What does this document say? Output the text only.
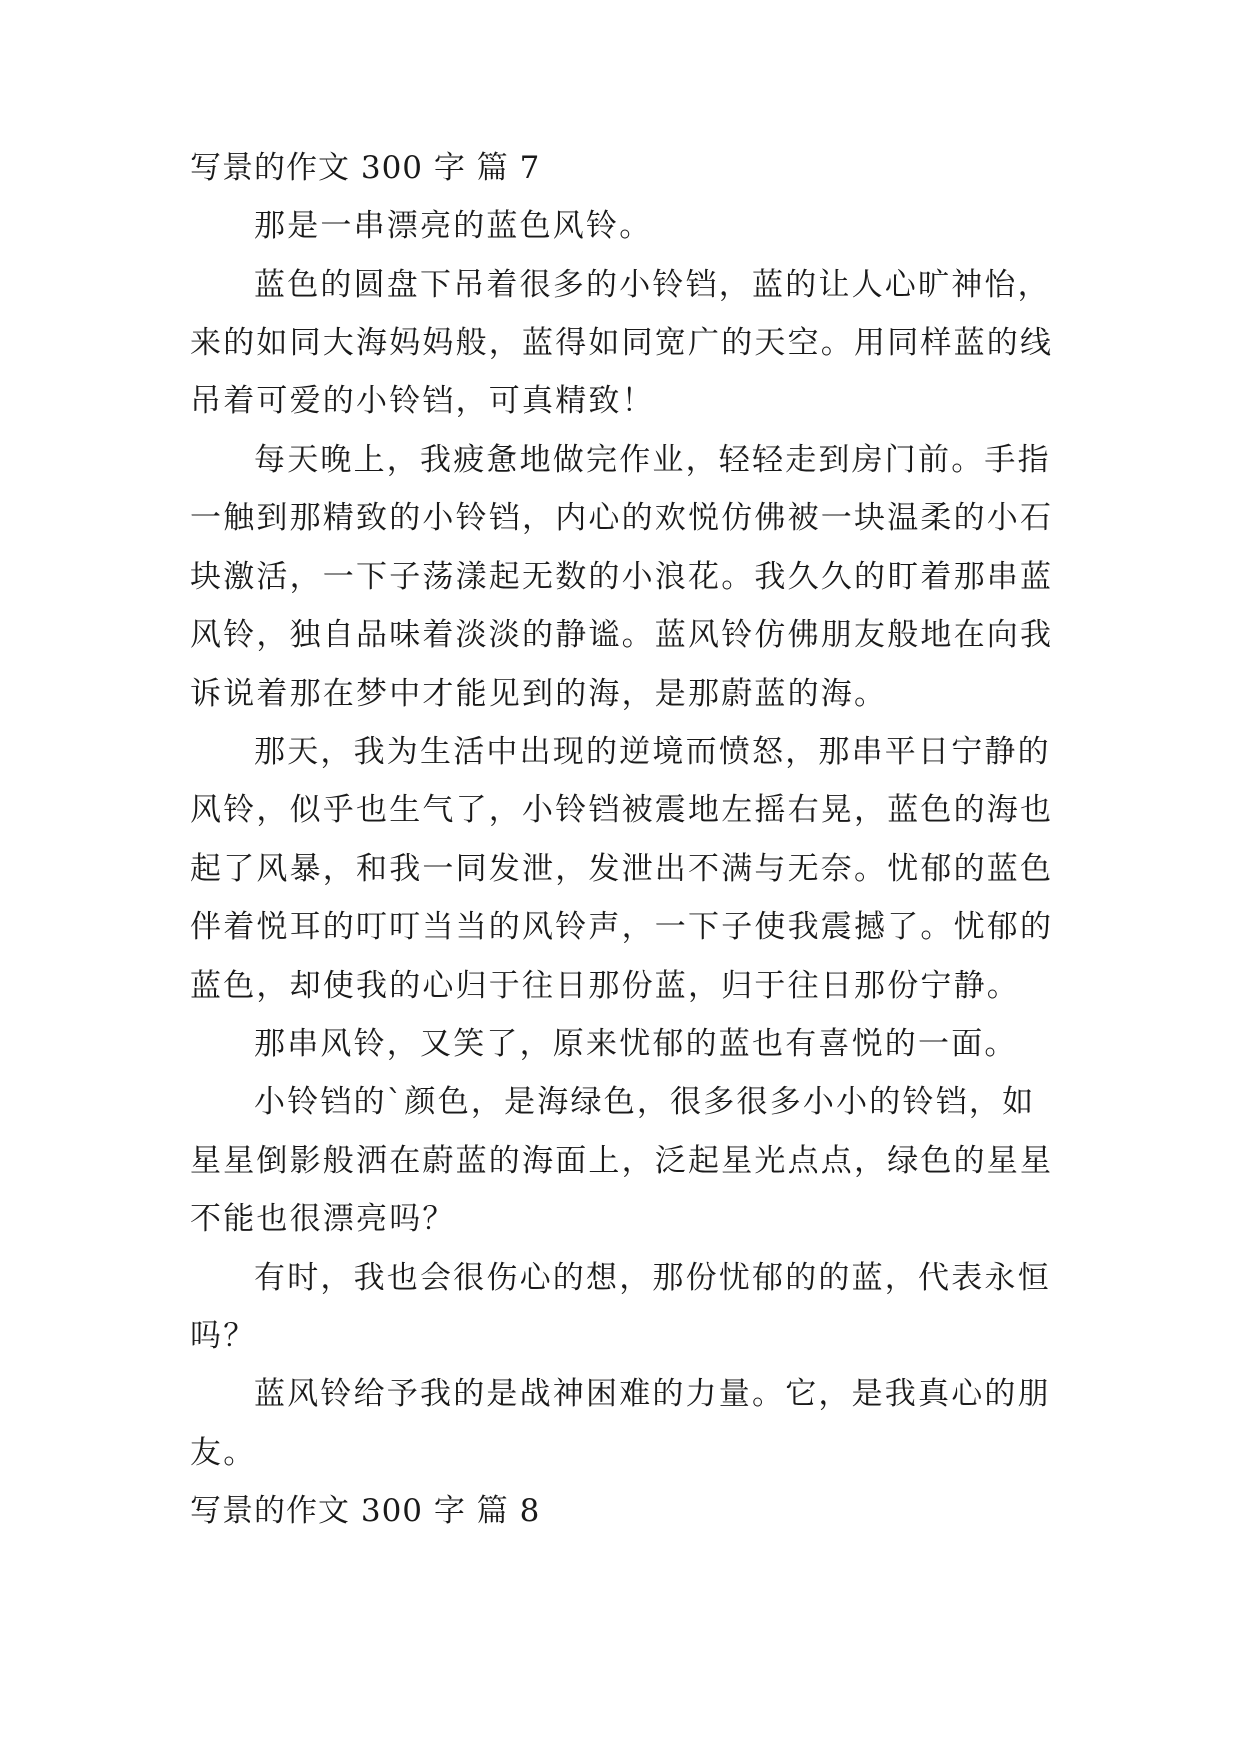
写景的作文 300 字 篇 7
那是一串漂亮的蓝色风铃。
蓝色的圆盘下吊着很多的小铃铛，蓝的让人心旷神怡，
来的如同大海妈妈般，蓝得如同宽广的天空。用同样蓝的线
吊着可爱的小铃铛，可真精致！
每天晚上，我疲惫地做完作业，轻轻走到房门前。手指
一触到那精致的小铃铛，内心的欢悦仿佛被一块温柔的小石
块激活，一下子荡漾起无数的小浪花。我久久的盯着那串蓝
风铃，独自品味着淡淡的静谧。蓝风铃仿佛朋友般地在向我
诉说着那在梦中才能见到的海，是那蔚蓝的海。
那天，我为生活中出现的逆境而愤怒，那串平日宁静的
风铃，似乎也生气了，小铃铛被震地左摇右晃，蓝色的海也
起了风暴，和我一同发泄，发泄出不满与无奈。忧郁的蓝色
伴着悦耳的叮叮当当的风铃声，一下子使我震撼了。忧郁的
蓝色，却使我的心归于往日那份蓝，归于往日那份宁静。
那串风铃，又笑了，原来忧郁的蓝也有喜悦的一面。
小铃铛的`颜色，是海绿色，很多很多小小的铃铛，如
星星倒影般洒在蔚蓝的海面上，泛起星光点点，绿色的星星
不能也很漂亮吗？
有时，我也会很伤心的想，那份忧郁的的蓝，代表永恒
吗？
蓝风铃给予我的是战神困难的力量。它，是我真心的朋
友。
写景的作文 300 字 篇 8
